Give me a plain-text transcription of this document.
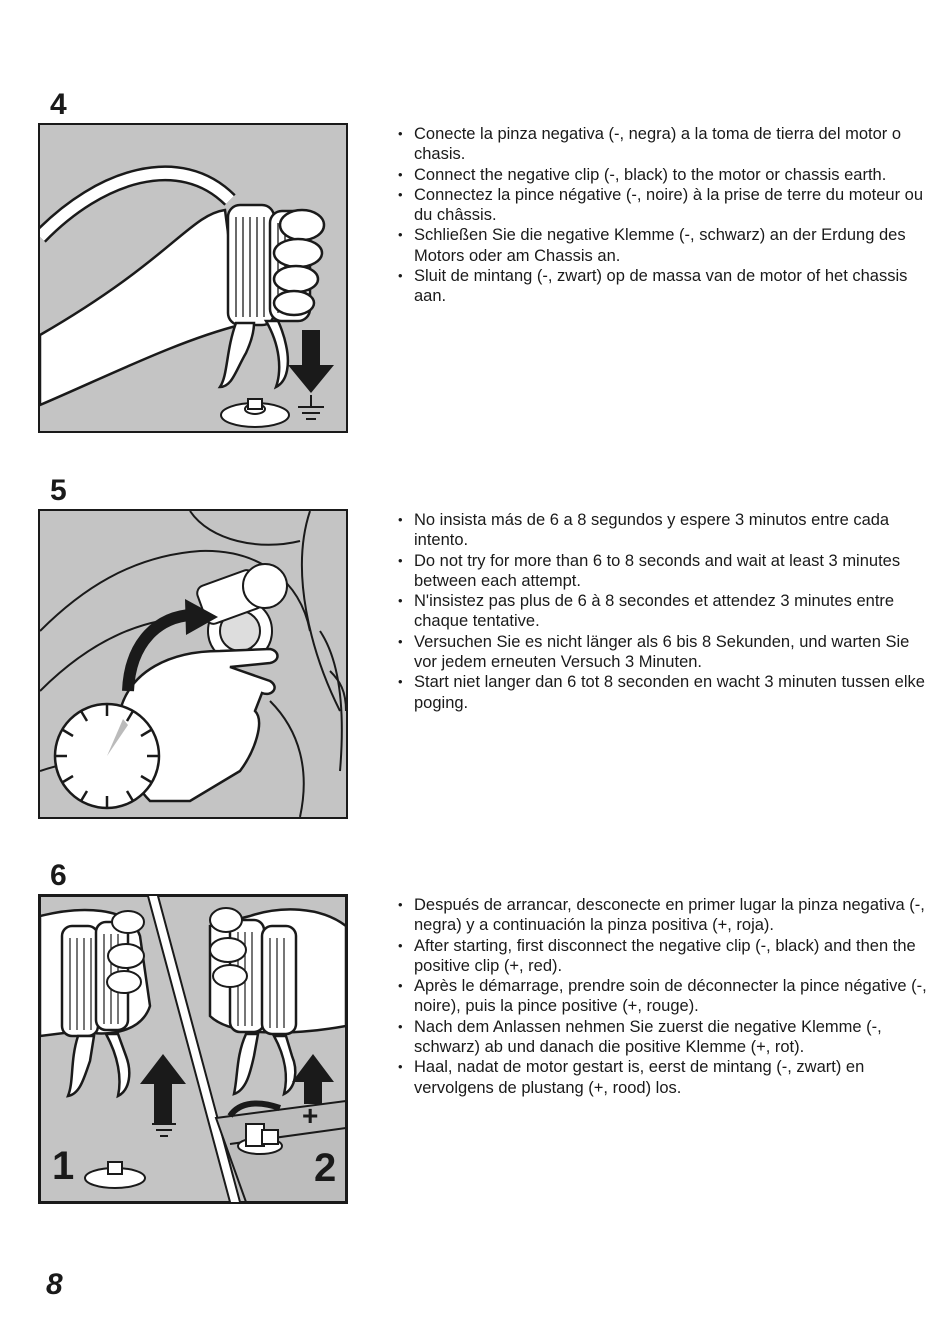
4
• Conecte la pinza negativa (-, negra) a la toma de tierra del motor o chasis.
• Connect the negative clip (-, black) to the motor or chassis earth.
• Connectez la pince négative (-, noire) à la prise de terre du moteur ou du châssis.
• Schließen Sie die negative Klemme (-, schwarz) an der Erdung des Motors oder am Chassis an.
• Sluit de mintang (-, zwart) op de massa van de motor of het chassis aan.
5
• No insista más de 6 a 8 segundos y espere 3 minutos entre cada intento.
• Do not try for more than 6 to 8 seconds and wait at least 3 minutes between each attempt.
• N'insistez pas plus de 6 à 8 secondes et attendez 3 minutes entre chaque tentative.
• Versuchen Sie es nicht länger als 6 bis 8 Sekunden, und warten Sie vor jedem erneuten Versuch 3 Minuten.
• Start niet langer dan 6 tot 8 seconden en wacht 3 minuten tussen elke poging.
6
1	2
+
• Después de arrancar, desconecte en primer lugar la pinza negativa (-, negra) y a continuación la pinza positiva (+, roja).
• After starting, first disconnect the negative clip (-, black) and then the positive clip (+, red).
• Après le démarrage, prendre soin de déconnecter la pince négative (-, noire), puis la pince positive (+, rouge).
• Nach dem Anlassen nehmen Sie zuerst die negative Klemme (-, schwarz) ab und danach die positive Klemme (+, rot).
• Haal, nadat de motor gestart is, eerst de mintang (-, zwart) en vervolgens de plustang (+, rood) los.
8
